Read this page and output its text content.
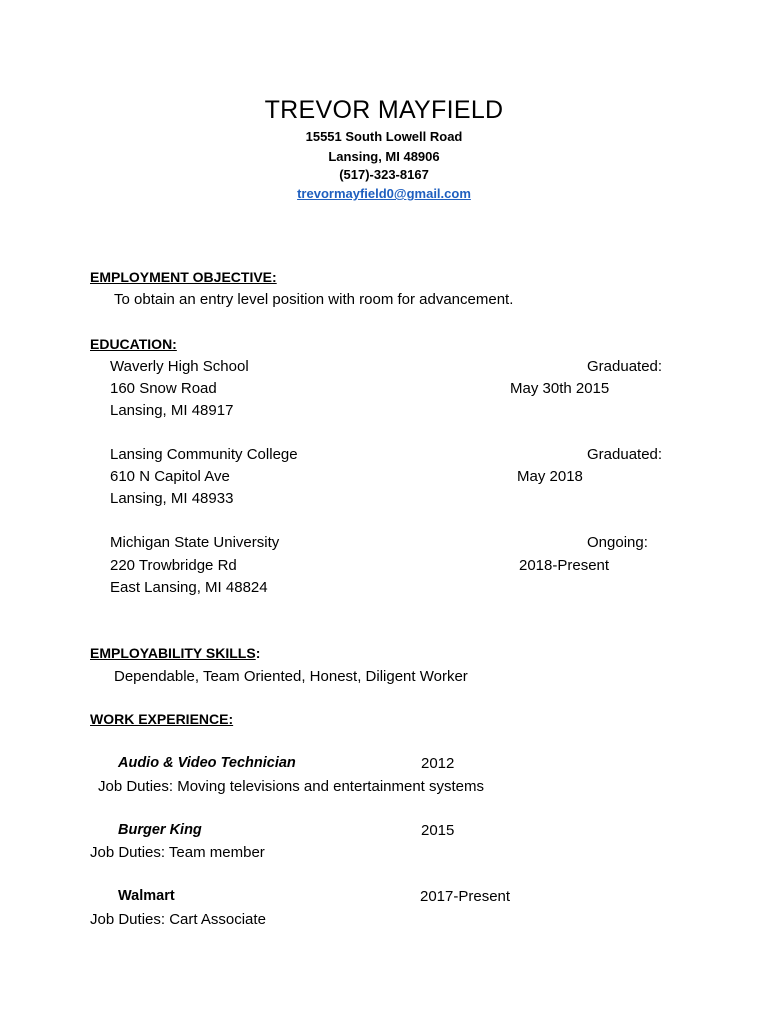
TREVOR MAYFIELD
15551 South Lowell Road
Lansing, MI 48906
(517)-323-8167
trevormayfield0@gmail.com
EMPLOYMENT OBJECTIVE:
To obtain an entry level position with room for advancement.
EDUCATION:
Waverly High School	Graduated:
160 Snow Road	May 30th 2015
Lansing, MI 48917
Lansing Community College	Graduated:
610 N Capitol Ave	May 2018
Lansing, MI 48933
Michigan State University	Ongoing:
220 Trowbridge Rd	2018-Present
East Lansing, MI 48824
EMPLOYABILITY SKILLS:
Dependable, Team Oriented, Honest, Diligent Worker
WORK EXPERIENCE:
Audio & Video Technician	2012
Job Duties: Moving televisions and entertainment systems
Burger King	2015
Job Duties: Team member
Walmart	2017-Present
Job Duties: Cart Associate
